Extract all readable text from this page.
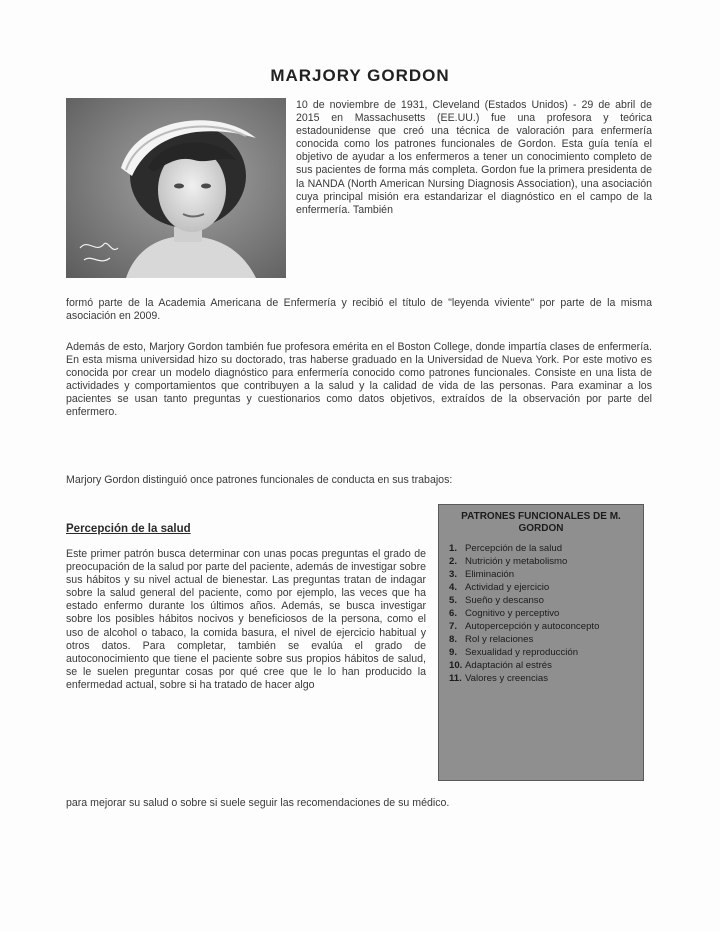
MARJORY GORDON

10 de noviembre de 1931, Cleveland (Estados Unidos) - 29 de abril de 2015 en Massachusetts (EE.UU.) fue una profesora y teórica estadounidense que creó una técnica de valoración para enfermería conocida como los patrones funcionales de Gordon. Esta guía tenía el objetivo de ayudar a los enfermeros a tener un conocimiento completo de sus pacientes de forma más completa. Gordon fue la primera presidenta de la NANDA (North American Nursing Diagnosis Association), una asociación cuya principal misión era estandarizar el diagnóstico en el campo de la enfermería. También

formó parte de la Academia Americana de Enfermería y recibió el título de "leyenda viviente" por parte de la misma asociación en 2009.

Además de esto, Marjory Gordon también fue profesora emérita en el Boston College, donde impartía clases de enfermería. En esta misma universidad hizo su doctorado, tras haberse graduado en la Universidad de Nueva York. Por este motivo es conocida por crear un modelo diagnóstico para enfermería conocido como patrones funcionales. Consiste en una lista de actividades y comportamientos que contribuyen a la salud y la calidad de vida de las personas. Para examinar a los pacientes se usan tanto preguntas y cuestionarios como datos objetivos, extraídos de la observación por parte del enfermero.

Marjory Gordon distinguió once patrones funcionales de conducta en sus trabajos:

Percepción de la salud

Este primer patrón busca determinar con unas pocas preguntas el grado de preocupación de la salud por parte del paciente, además de investigar sobre sus hábitos y su nivel actual de bienestar. Las preguntas tratan de indagar sobre la salud general del paciente, como por ejemplo, las veces que ha estado enfermo durante los últimos años. Además, se busca investigar sobre los posibles hábitos nocivos y beneficiosos de la persona, como el uso de alcohol o tabaco, la comida basura, el nivel de ejercicio habitual y otros datos. Para completar, también se evalúa el grado de autoconocimiento que tiene el paciente sobre sus propios hábitos de salud, se le suelen preguntar cosas por qué cree que le lo han producido la enfermedad actual, sobre si ha tratado de hacer algo

para mejorar su salud o sobre si suele seguir las recomendaciones de su médico.

PATRONES FUNCIONALES DE M. GORDON
1. Percepción de la salud
2. Nutrición y metabolismo
3. Eliminación
4. Actividad y ejercicio
5. Sueño y descanso
6. Cognitivo y perceptivo
7. Autopercepción y autoconcepto
8. Rol y relaciones
9. Sexualidad y reproducción
10. Adaptación al estrés
11. Valores y creencias
